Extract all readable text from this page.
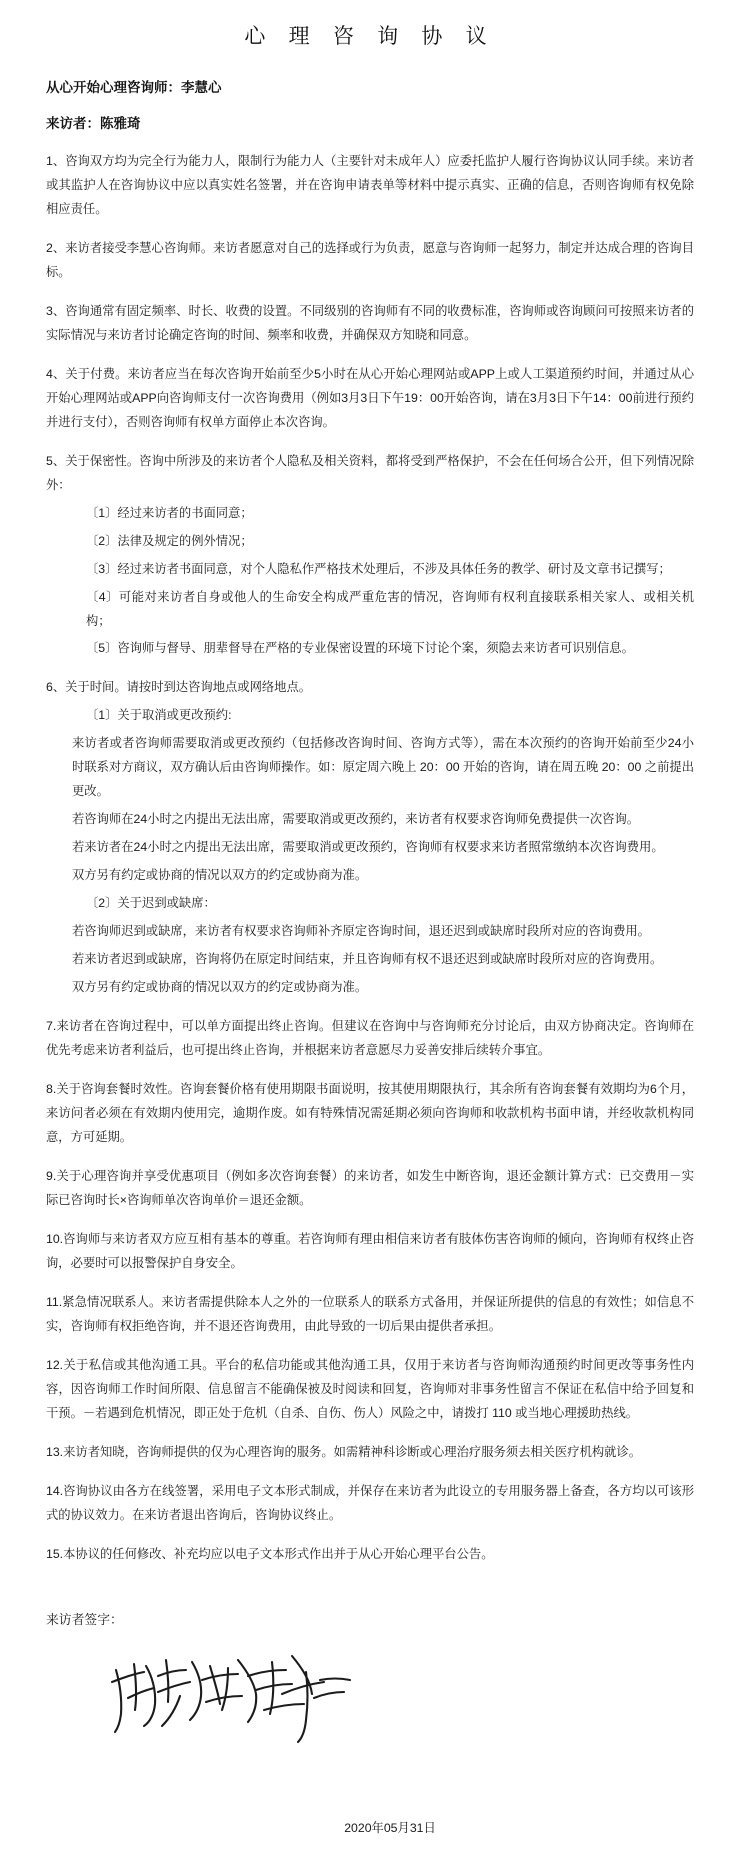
心 理 咨 询 协 议
从心开始心理咨询师：李慧心
来访者：陈雅琦

1、咨询双方均为完全行为能力人，限制行为能力人（主要针对未成年人）应委托监护人履行咨询协议认同手续。来访者或其监护人在咨询协议中应以真实姓名签署，并在咨询申请表单等材料中提示真实、正确的信息，否则咨询师有权免除相应责任。

2、来访者接受李慧心咨询师。来访者愿意对自己的选择或行为负责，愿意与咨询师一起努力，制定并达成合理的咨询目标。

3、咨询通常有固定频率、时长、收费的设置。不同级别的咨询师有不同的收费标准，咨询师或咨询顾问可按照来访者的实际情况与来访者讨论确定咨询的时间、频率和收费，并确保双方知晓和同意。

4、关于付费。来访者应当在每次咨询开始前至少5小时在从心开始心理网站或APP上或人工渠道预约时间，并通过从心开始心理网站或APP向咨询师支付一次咨询费用（例如3月3日下午19：00开始咨询，请在3月3日下午14：00前进行预约并进行支付），否则咨询师有权单方面停止本次咨询。

5、关于保密性。咨询中所涉及的来访者个人隐私及相关资料，都将受到严格保护，不会在任何场合公开，但下列情况除外：

〔1〕经过来访者的书面同意；

〔2〕法律及规定的例外情况；

〔3〕经过来访者书面同意，对个人隐私作严格技术处理后，不涉及具体任务的教学、研讨及文章书记撰写；

〔4〕可能对来访者自身或他人的生命安全构成严重危害的情况，咨询师有权利直接联系相关家人、或相关机构；

〔5〕咨询师与督导、朋辈督导在严格的专业保密设置的环境下讨论个案，须隐去来访者可识别信息。

6、关于时间。请按时到达咨询地点或网络地点。

〔1〕关于取消或更改预约:

来访者或者咨询师需要取消或更改预约（包括修改咨询时间、咨询方式等），需在本次预约的咨询开始前至少24小时联系对方商议，双方确认后由咨询师操作。如：原定周六晚上 20：00 开始的咨询，请在周五晚 20：00 之前提出更改。

若咨询师在24小时之内提出无法出席，需要取消或更改预约，来访者有权要求咨询师免费提供一次咨询。

若来访者在24小时之内提出无法出席，需要取消或更改预约，咨询师有权要求来访者照常缴纳本次咨询费用。

双方另有约定或协商的情况以双方的约定或协商为准。

〔2〕关于迟到或缺席：

若咨询师迟到或缺席，来访者有权要求咨询师补齐原定咨询时间，退还迟到或缺席时段所对应的咨询费用。

若来访者迟到或缺席，咨询将仍在原定时间结束，并且咨询师有权不退还迟到或缺席时段所对应的咨询费用。

双方另有约定或协商的情况以双方的约定或协商为准。

7.来访者在咨询过程中，可以单方面提出终止咨询。但建议在咨询中与咨询师充分讨论后，由双方协商决定。咨询师在优先考虑来访者利益后，也可提出终止咨询，并根据来访者意愿尽力妥善安排后续转介事宜。

8.关于咨询套餐时效性。咨询套餐价格有使用期限书面说明，按其使用期限执行，其余所有咨询套餐有效期均为6个月，来访问者必须在有效期内使用完，逾期作废。如有特殊情况需延期必须向咨询师和收款机构书面申请，并经收款机构同意，方可延期。

9.关于心理咨询并享受优惠项目（例如多次咨询套餐）的来访者，如发生中断咨询，退还金额计算方式：已交费用－实际已咨询时长×咨询师单次咨询单价＝退还金额。

10.咨询师与来访者双方应互相有基本的尊重。若咨询师有理由相信来访者有肢体伤害咨询师的倾向，咨询师有权终止咨询，必要时可以报警保护自身安全。

11.紧急情况联系人。来访者需提供除本人之外的一位联系人的联系方式备用，并保证所提供的信息的有效性；如信息不实，咨询师有权拒绝咨询，并不退还咨询费用，由此导致的一切后果由提供者承担。

12.关于私信或其他沟通工具。平台的私信功能或其他沟通工具，仅用于来访者与咨询师沟通预约时间更改等事务性内容，因咨询师工作时间所限、信息留言不能确保被及时阅读和回复，咨询师对非事务性留言不保证在私信中给予回复和干预。－若遇到危机情况，即正处于危机（自杀、自伤、伤人）风险之中，请拨打 110 或当地心理援助热线。

13.来访者知晓，咨询师提供的仅为心理咨询的服务。如需精神科诊断或心理治疗服务须去相关医疗机构就诊。

14.咨询协议由各方在线签署，采用电子文本形式制成，并保存在来访者为此设立的专用服务器上备查，各方均以可该形式的协议效力。在来访者退出咨询后，咨询协议终止。

15.本协议的任何修改、补充均应以电子文本形式作出并于从心开始心理平台公告。

来访者签字：

2020年05月31日
